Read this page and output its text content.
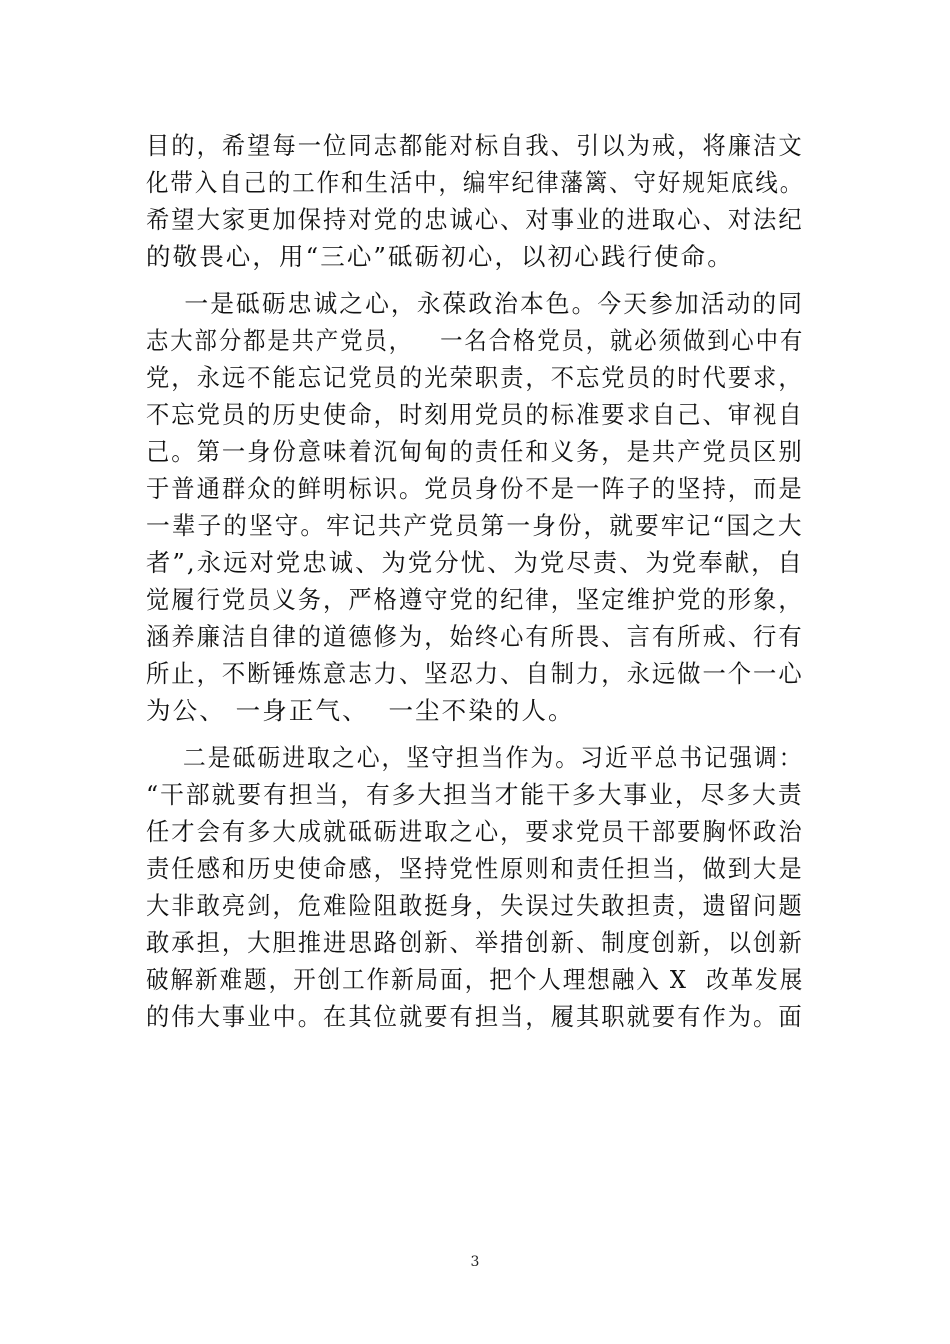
目的，希望每一位同志都能对标自我、引以为戒，将廉洁文
化带入自己的工作和生活中，编牢纪律藩篱、守好规矩底线。
希望大家更加保持对党的忠诚心、对事业的进取心、对法纪
的敬畏心，用“三心”砥砺初心，以初心践行使命。
一是砥砺忠诚之心，永葆政治本色。今天参加活动的同
志大部分都是共产党员，   一名合格党员，就必须做到心中有
党，永远不能忘记党员的光荣职责，不忘党员的时代要求，
不忘党员的历史使命，时刻用党员的标准要求自己、审视自
己。第一身份意味着沉甸甸的责任和义务，是共产党员区别
于普通群众的鲜明标识。党员身份不是一阵子的坚持，而是
一辈子的坚守。牢记共产党员第一身份，就要牢记“国之大
者”,永远对党忠诚、为党分忧、为党尽责、为党奉献，自
觉履行党员义务，严格遵守党的纪律，坚定维护党的形象，
涵养廉洁自律的道德修为，始终心有所畏、言有所戒、行有
所止，不断锤炼意志力、坚忍力、自制力，永远做一个一心
为公、 一身正气、  一尘不染的人。
二是砥砺进取之心，坚守担当作为。习近平总书记强调：
“干部就要有担当，有多大担当才能干多大事业，尽多大责
任才会有多大成就砥砺进取之心，要求党员干部要胸怀政治
责任感和历史使命感，坚持党性原则和责任担当，做到大是
大非敢亮剑，危难险阻敢挺身，失误过失敢担责，遗留问题
敢承担，大胆推进思路创新、举措创新、制度创新，以创新
破解新难题，开创工作新局面，把个人理想融入 X  改革发展
的伟大事业中。在其位就要有担当，履其职就要有作为。面
3
